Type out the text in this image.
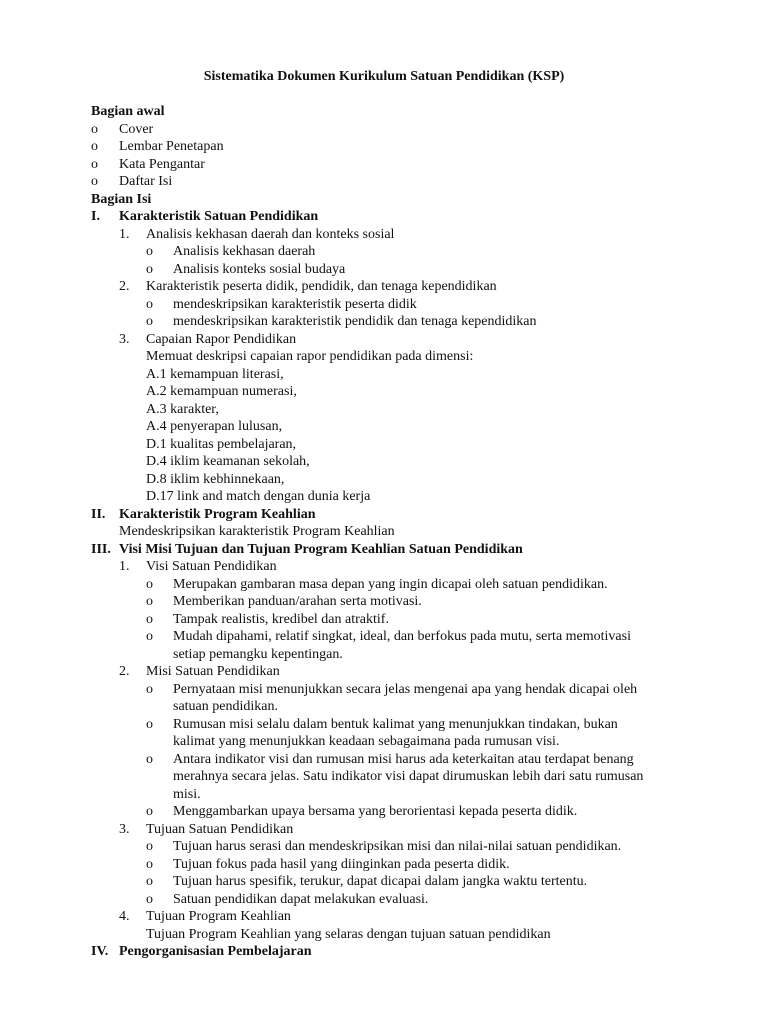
Sistematika Dokumen Kurikulum Satuan Pendidikan (KSP)
Bagian awal
o Cover
o Lembar Penetapan
o Kata Pengantar
o Daftar Isi
Bagian Isi
I. Karakteristik Satuan Pendidikan
1. Analisis kekhasan daerah dan konteks sosial
o Analisis kekhasan daerah
o Analisis konteks sosial budaya
2. Karakteristik peserta didik, pendidik, dan tenaga kependidikan
o mendeskripsikan karakteristik peserta didik
o mendeskripsikan karakteristik pendidik dan tenaga kependidikan
3. Capaian Rapor Pendidikan
Memuat deskripsi capaian rapor pendidikan pada dimensi:
A.1 kemampuan literasi,
A.2 kemampuan numerasi,
A.3 karakter,
A.4 penyerapan lulusan,
D.1 kualitas pembelajaran,
D.4 iklim keamanan sekolah,
D.8 iklim kebhinnekaan,
D.17 link and match dengan dunia kerja
II. Karakteristik Program Keahlian
Mendeskripsikan karakteristik Program Keahlian
III. Visi Misi Tujuan dan Tujuan Program Keahlian Satuan Pendidikan
1. Visi Satuan Pendidikan
o Merupakan gambaran masa depan yang ingin dicapai oleh satuan pendidikan.
o Memberikan panduan/arahan serta motivasi.
o Tampak realistis, kredibel dan atraktif.
o Mudah dipahami, relatif singkat, ideal, dan berfokus pada mutu, serta memotivasi
setiap pemangku kepentingan.
2. Misi Satuan Pendidikan
o Pernyataan misi menunjukkan secara jelas mengenai apa yang hendak dicapai oleh
satuan pendidikan.
o Rumusan misi selalu dalam bentuk kalimat yang menunjukkan tindakan, bukan
kalimat yang menunjukkan keadaan sebagaimana pada rumusan visi.
o Antara indikator visi dan rumusan misi harus ada keterkaitan atau terdapat benang
merahnya secara jelas. Satu indikator visi dapat dirumuskan lebih dari satu rumusan
misi.
o Menggambarkan upaya bersama yang berorientasi kepada peserta didik.
3. Tujuan Satuan Pendidikan
o Tujuan harus serasi dan mendeskripsikan misi dan nilai-nilai satuan pendidikan.
o Tujuan fokus pada hasil yang diinginkan pada peserta didik.
o Tujuan harus spesifik, terukur, dapat dicapai dalam jangka waktu tertentu.
o Satuan pendidikan dapat melakukan evaluasi.
4. Tujuan Program Keahlian
Tujuan Program Keahlian yang selaras dengan tujuan satuan pendidikan
IV. Pengorganisasian Pembelajaran
